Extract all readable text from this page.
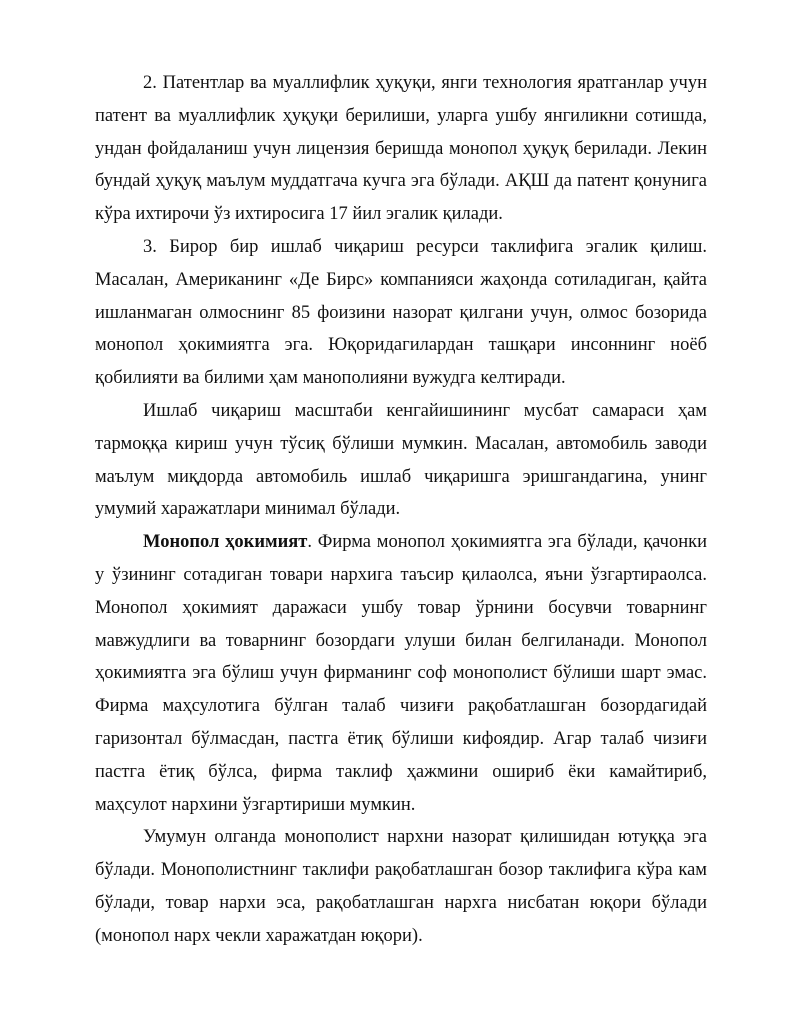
2. Патентлар ва муаллифлик ҳуқуқи, янги технология яратганлар учун патент ва муаллифлик ҳуқуқи берилиши, уларга ушбу янгиликни сотишда, ундан фойдаланиш учун лицензия беришда монопол ҳуқуқ берилади. Лекин бундай ҳуқуқ маълум муддатгача кучга эга бўлади. АҚШ да патент қонунига кўра ихтирочи ўз ихтиросига 17 йил эгалик қилади.

3. Бирор бир ишлаб чиқариш ресурси таклифига эгалик қилиш. Масалан, Американинг «Де Бирс» компанияси жаҳонда сотиладиган, қайта ишланмаган олмоснинг 85 фоизини назорат қилгани учун, олмос бозорида монопол ҳокимиятга эга. Юқоридагилардан ташқари инсоннинг ноёб қобилияти ва билими ҳам манополияни вужудга келтиради.

Ишлаб чиқариш масштаби кенгайишининг мусбат самараси ҳам тармоққа кириш учун тўсиқ бўлиши мумкин. Масалан, автомобиль заводи маълум миқдорда автомобиль ишлаб чиқаришга эришгандагина, унинг умумий харажатлари минимал бўлади.

Монопол ҳокимият. Фирма монопол ҳокимиятга эга бўлади, қачонки у ўзининг сотадиган товари нархига таъсир қилаолса, яъни ўзгартираолса. Монопол ҳокимият даражаси ушбу товар ўрнини босувчи товарнинг мавжудлиги ва товарнинг бозордаги улуши билан белгиланади. Монопол ҳокимиятга эга бўлиш учун фирманинг соф монополист бўлиши шарт эмас. Фирма маҳсулотига бўлган талаб чизиғи рақобатлашган бозордагидай гаризонтал бўлмасдан, пастга ётиқ бўлиши кифоядир. Агар талаб чизиғи пастга ётиқ бўлса, фирма таклиф ҳажмини ошириб ёки камайтириб, маҳсулот нархини ўзгартириши мумкин.

Умумун олганда монополист нархни назорат қилишидан ютуққа эга бўлади. Монополистнинг таклифи рақобатлашган бозор таклифига кўра кам бўлади, товар нархи эса, рақобатлашган нархга нисбатан юқори бўлади (монопол нарх чекли харажатдан юқори).
